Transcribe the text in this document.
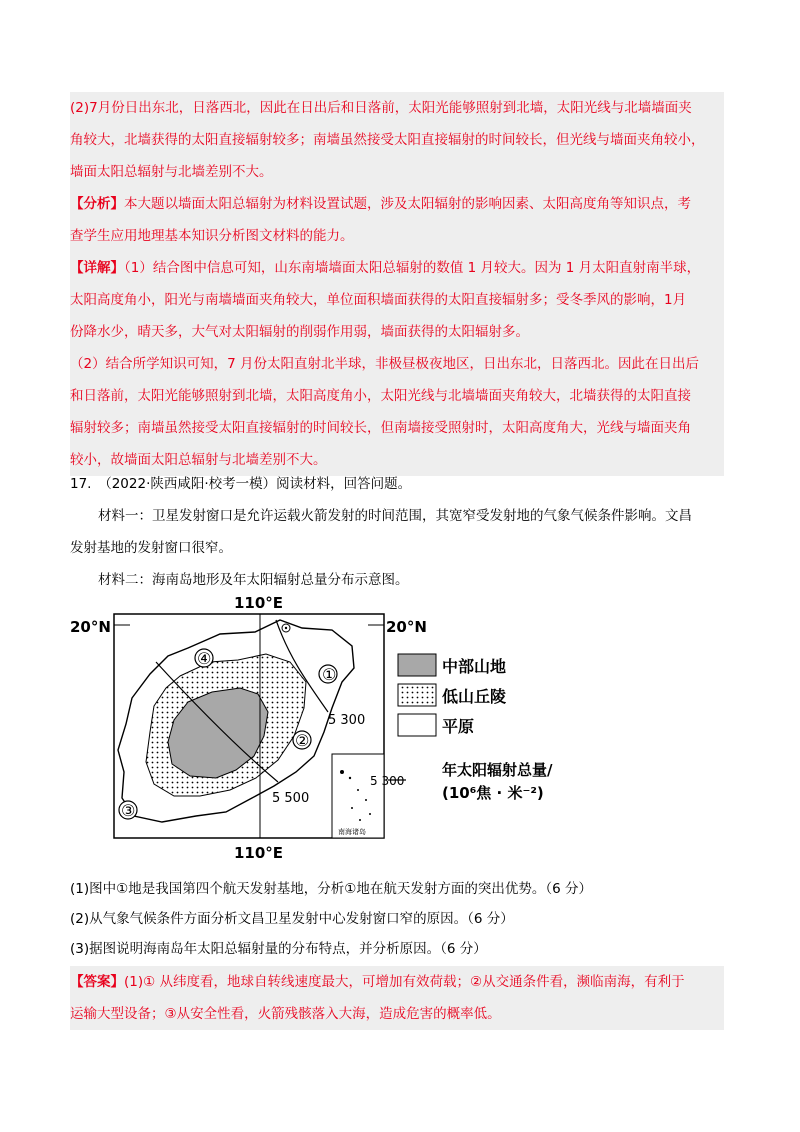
(2)7月份日出东北，日落西北，因此在日出后和日落前，太阳光能够照射到北墙，太阳光线与北墙墙面夹
角较大，北墙获得的太阳直接辐射较多；南墙虽然接受太阳直接辐射的时间较长，但光线与墙面夹角较小，
墙面太阳总辐射与北墙差别不大。
【分析】本大题以墙面太阳总辐射为材料设置试题，涉及太阳辐射的影响因素、太阳高度角等知识点，考
查学生应用地理基本知识分析图文材料的能力。
【详解】（1）结合图中信息可知，山东南墙墙面太阳总辐射的数值 1 月较大。因为 1 月太阳直射南半球，
太阳高度角小，阳光与南墙墙面夹角较大，单位面积墙面获得的太阳直接辐射多；受冬季风的影响，1月
份降水少，晴天多，大气对太阳辐射的削弱作用弱，墙面获得的太阳辐射多。
（2）结合所学知识可知，7 月份太阳直射北半球，非极昼极夜地区，日出东北，日落西北。因此在日出后
和日落前，太阳光能够照射到北墙，太阳高度角小，太阳光线与北墙墙面夹角较大，北墙获得的太阳直接
辐射较多；南墙虽然接受太阳直接辐射的时间较长，但南墙接受照射时，太阳高度角大，光线与墙面夹角
较小，故墙面太阳总辐射与北墙差别不大。
17.　（2022·陕西咸阳·校考一模）阅读材料，回答问题。
材料一：卫星发射窗口是允许运载火箭发射的时间范围，其宽窄受发射地的气象气候条件影响。文昌
发射基地的发射窗口很窄。
材料二：海南岛地形及年太阳辐射总量分布示意图。
①
②
③
④
5 300
5 500
南海诸岛
110°E
110°E
20°N	20°N
中部山地
低山丘陵
平原
5 300
年太阳辐射总量/
(10⁶焦 · 米⁻²)
(1)图中①地是我国第四个航天发射基地，分析①地在航天发射方面的突出优势。（6 分）
(2)从气象气候条件方面分析文昌卫星发射中心发射窗口窄的原因。（6 分）
(3)据图说明海南岛年太阳总辐射量的分布特点，并分析原因。（6 分）
【答案】(1)① 从纬度看，地球自转线速度最大，可增加有效荷载；②从交通条件看，濒临南海，有利于
运输大型设备；③从安全性看，火箭残骸落入大海，造成危害的概率低。
